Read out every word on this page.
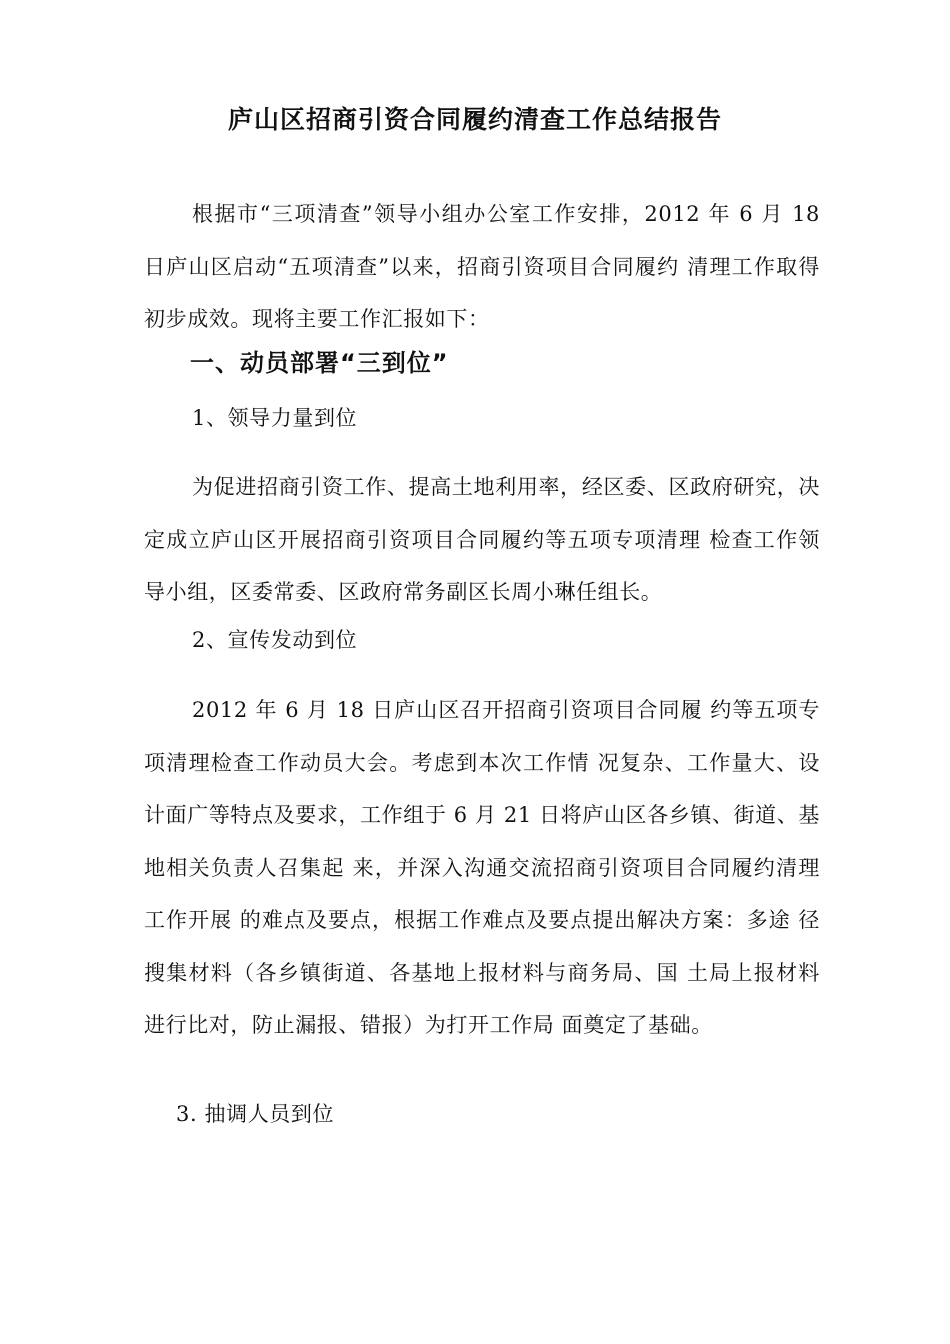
庐山区招商引资合同履约清查工作总结报告

根据市“三项清查”领导小组办公室工作安排，2012 年 6 月 18 日庐山区启动“五项清查”以来，招商引资项目合同履约 清理工作取得初步成效。现将主要工作汇报如下：

一、动员部署“三到位”

1、领导力量到位

为促进招商引资工作、提高土地利用率，经区委、区政府研究，决定成立庐山区开展招商引资项目合同履约等五项专项清理 检查工作领导小组，区委常委、区政府常务副区长周小琳任组长。

2、宣传发动到位

2012 年 6 月 18 日庐山区召开招商引资项目合同履 约等五项专项清理检查工作动员大会。考虑到本次工作情 况复杂、工作量大、设计面广等特点及要求，工作组于 6 月 21 日将庐山区各乡镇、街道、基地相关负责人召集起 来，并深入沟通交流招商引资项目合同履约清理工作开展 的难点及要点，根据工作难点及要点提出解决方案：多途 径搜集材料（各乡镇街道、各基地上报材料与商务局、国 土局上报材料进行比对，防止漏报、错报）为打开工作局 面奠定了基础。

3. 抽调人员到位
